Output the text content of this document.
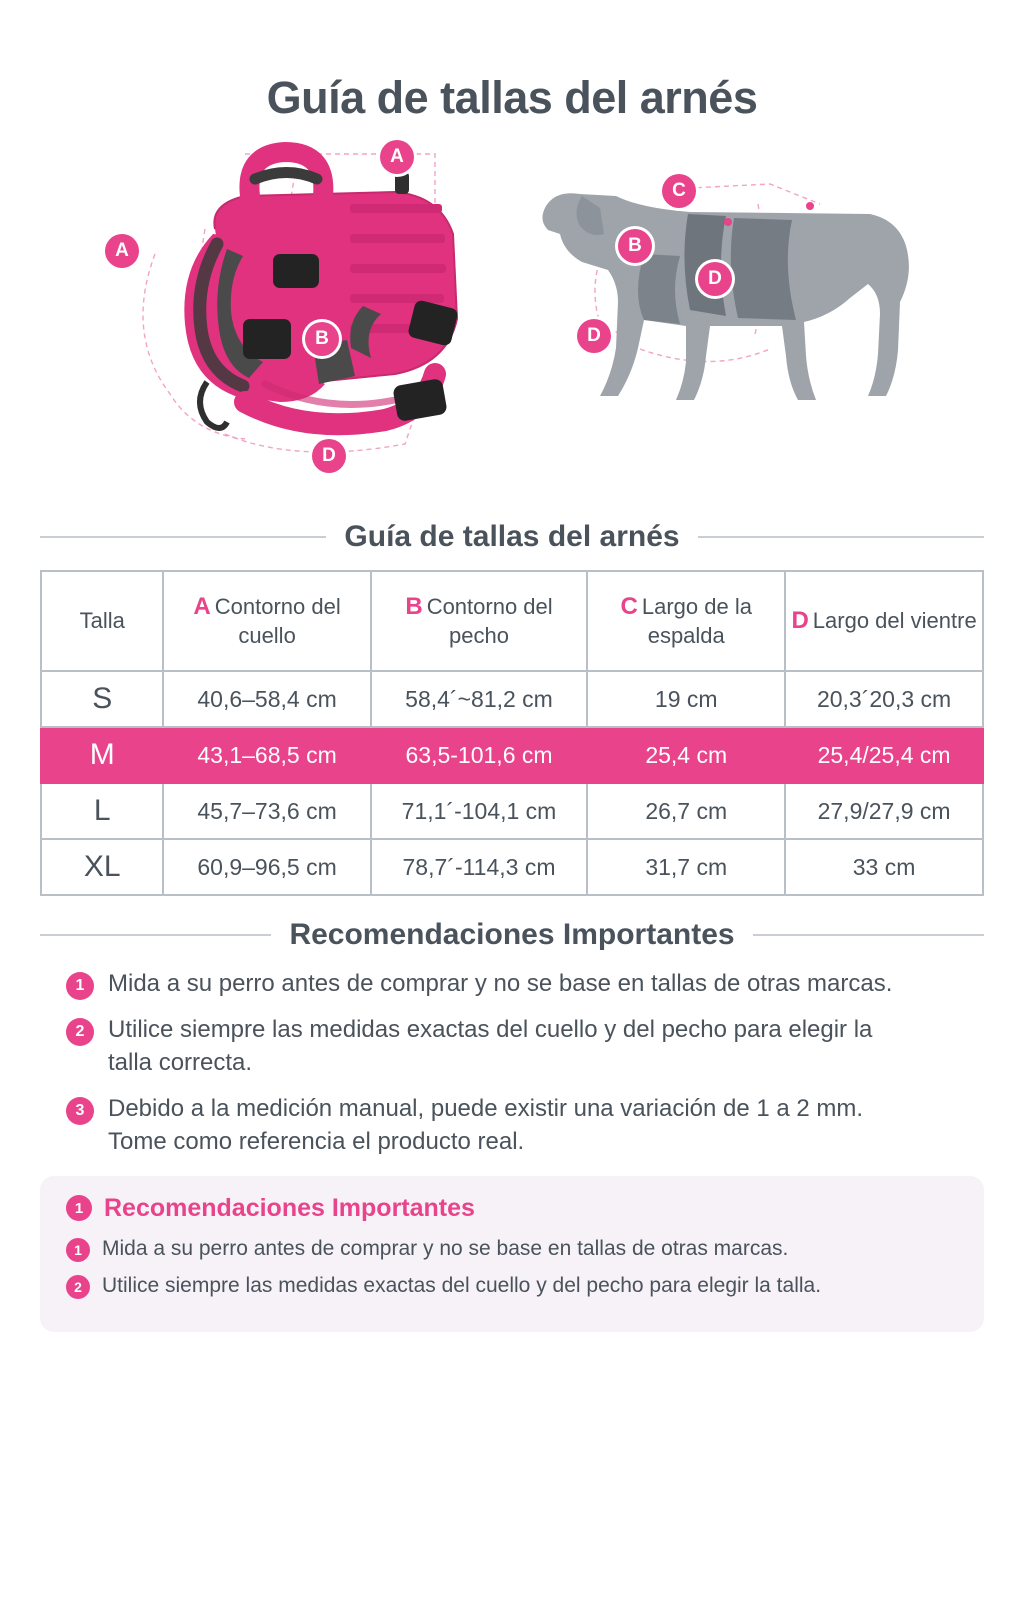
Guía de tallas del arnés
A
A
B
D
C
B
D
D
Guía de tallas del arnés
Talla	A Contorno del cuello	B Contorno del pecho	C Largo de la espalda	D Largo del vientre
S	40,6–58,4 cm	58,4´~81,2 cm	19 cm	20,3´20,3 cm
M	43,1–68,5 cm	63,5-101,6 cm	25,4 cm	25,4/25,4 cm
L	45,7–73,6 cm	71,1´-104,1 cm	26,7 cm	27,9/27,9 cm
XL	60,9–96,5 cm	78,7´-114,3 cm	31,7 cm	33 cm
Recomendaciones Importantes
1 Mida a su perro antes de comprar y no se base en tallas de otras marcas.
2 Utilice siempre las medidas exactas del cuello y del pecho para elegir la talla correcta.
3 Debido a la medición manual, puede existir una variación de 1 a 2 mm. Tome como referencia el producto real.
1 Recomendaciones Importantes
1 Mida a su perro antes de comprar y no se base en tallas de otras marcas.
2 Utilice siempre las medidas exactas del cuello y del pecho para elegir la talla.
